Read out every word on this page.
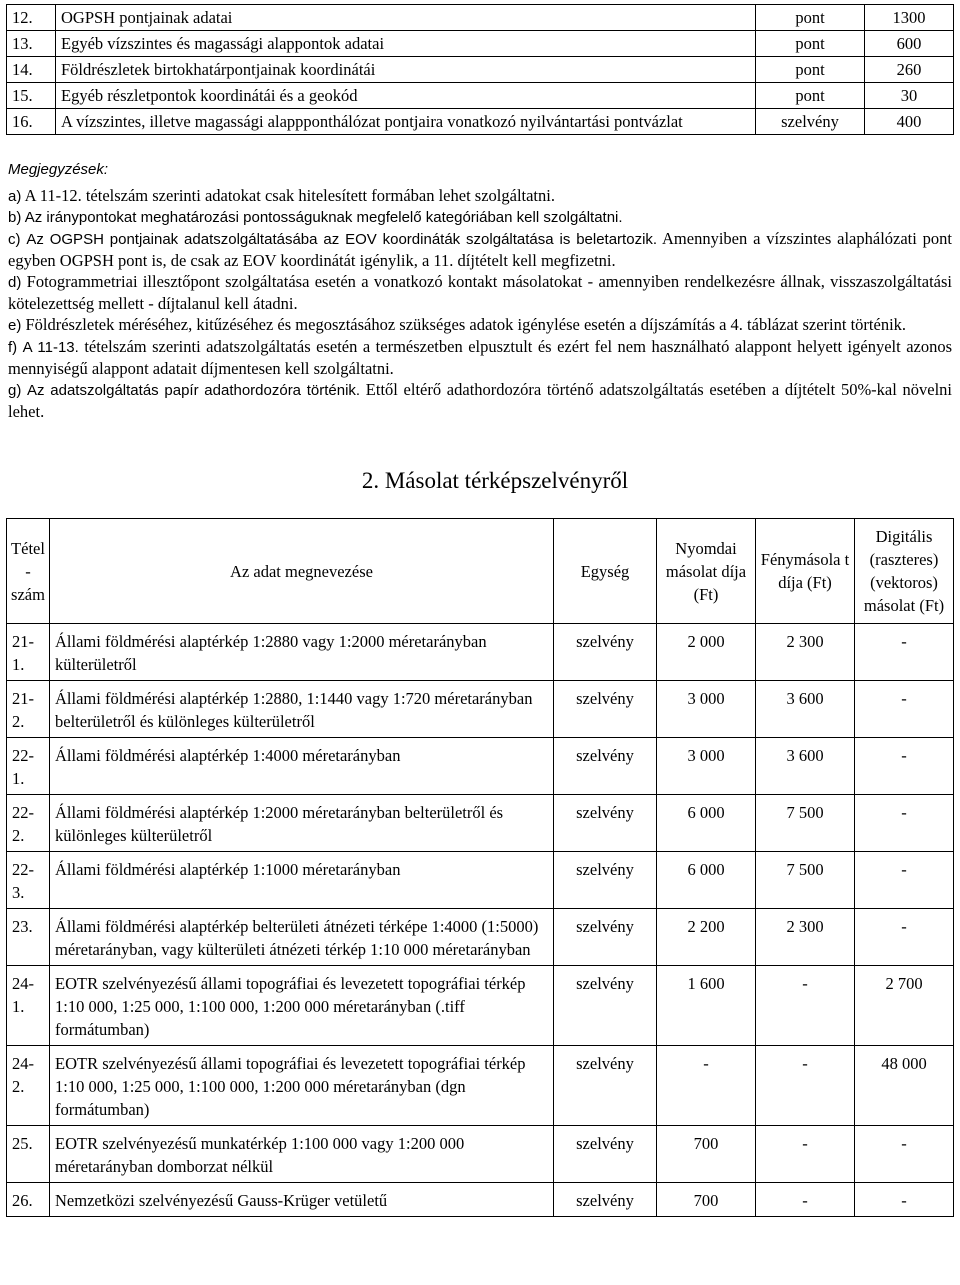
12.	OGPSH pontjainak adatai	pont	1300
13.	Egyéb vízszintes és magassági alappontok adatai	pont	600
14.	Földrészletek birtokhatárpontjainak koordinátái	pont	260
15.	Egyéb részletpontok koordinátái és a geokód	pont	30
16.	A vízszintes, illetve magassági alappponthálózat pontjaira vonatkozó nyilvántartási pontvázlat	szelvény	400

Megjegyzések:

a) A 11-12. tételszám szerinti adatokat csak hitelesített formában lehet szolgáltatni.

b) Az iránypontokat meghatározási pontosságuknak megfelelő kategóriában kell szolgáltatni.

c) Az OGPSH pontjainak adatszolgáltatásába az EOV koordináták szolgáltatása is beletartozik. Amennyiben a vízszintes alaphálózati pont egyben OGPSH pont is, de csak az EOV koordinátát igénylik, a 11. díjtételt kell megfizetni.

d) Fotogrammetriai illesztőpont szolgáltatása esetén a vonatkozó kontakt másolatokat - amennyiben rendelkezésre állnak, visszaszolgáltatási kötelezettség mellett - díjtalanul kell átadni.

e) Földrészletek méréséhez, kitűzéséhez és megosztásához szükséges adatok igénylése esetén a díjszámítás a 4. táblázat szerint történik.

f) A 11-13. tételszám szerinti adatszolgáltatás esetén a természetben elpusztult és ezért fel nem használható alappont helyett igényelt azonos mennyiségű alappont adatait díjmentesen kell szolgáltatni.

g) Az adatszolgáltatás papír adathordozóra történik. Ettől eltérő adathordozóra történő adatszolgáltatás esetében a díjtételt 50%-kal növelni lehet.

2. Másolat térképszelvényről
Tétel - szám	Az adat megnevezése	Egység	Nyomdai másolat díja (Ft)	Fénymásola t díja (Ft)	Digitális (raszteres) (vektoros) másolat (Ft)
21- 1.	Állami földmérési alaptérkép 1:2880 vagy 1:2000 méretarányban külterületről	szelvény	2 000	2 300	-
21- 2.	Állami földmérési alaptérkép 1:2880, 1:1440 vagy 1:720 méretarányban belterületről és különleges külterületről	szelvény	3 000	3 600	-
22- 1.	Állami földmérési alaptérkép 1:4000 méretarányban	szelvény	3 000	3 600	-
22- 2.	Állami földmérési alaptérkép 1:2000 méretarányban belterületről és különleges külterületről	szelvény	6 000	7 500	-
22- 3.	Állami földmérési alaptérkép 1:1000 méretarányban	szelvény	6 000	7 500	-
23.	Állami földmérési alaptérkép belterületi átnézeti térképe 1:4000 (1:5000) méretarányban, vagy külterületi átnézeti térkép 1:10 000 méretarányban	szelvény	2 200	2 300	-
24- 1.	EOTR szelvényezésű állami topográfiai és levezetett topográfiai térkép 1:10 000, 1:25 000, 1:100 000, 1:200 000 méretarányban (.tiff formátumban)	szelvény	1 600	-	2 700
24- 2.	EOTR szelvényezésű állami topográfiai és levezetett topográfiai térkép 1:10 000, 1:25 000, 1:100 000, 1:200 000 méretarányban (dgn formátumban)	szelvény	-	-	48 000
25.	EOTR szelvényezésű munkatérkép 1:100 000 vagy 1:200 000 méretarányban domborzat nélkül	szelvény	700	-	-
26.	Nemzetközi szelvényezésű Gauss-Krüger vetületű	szelvény	700	-	-
